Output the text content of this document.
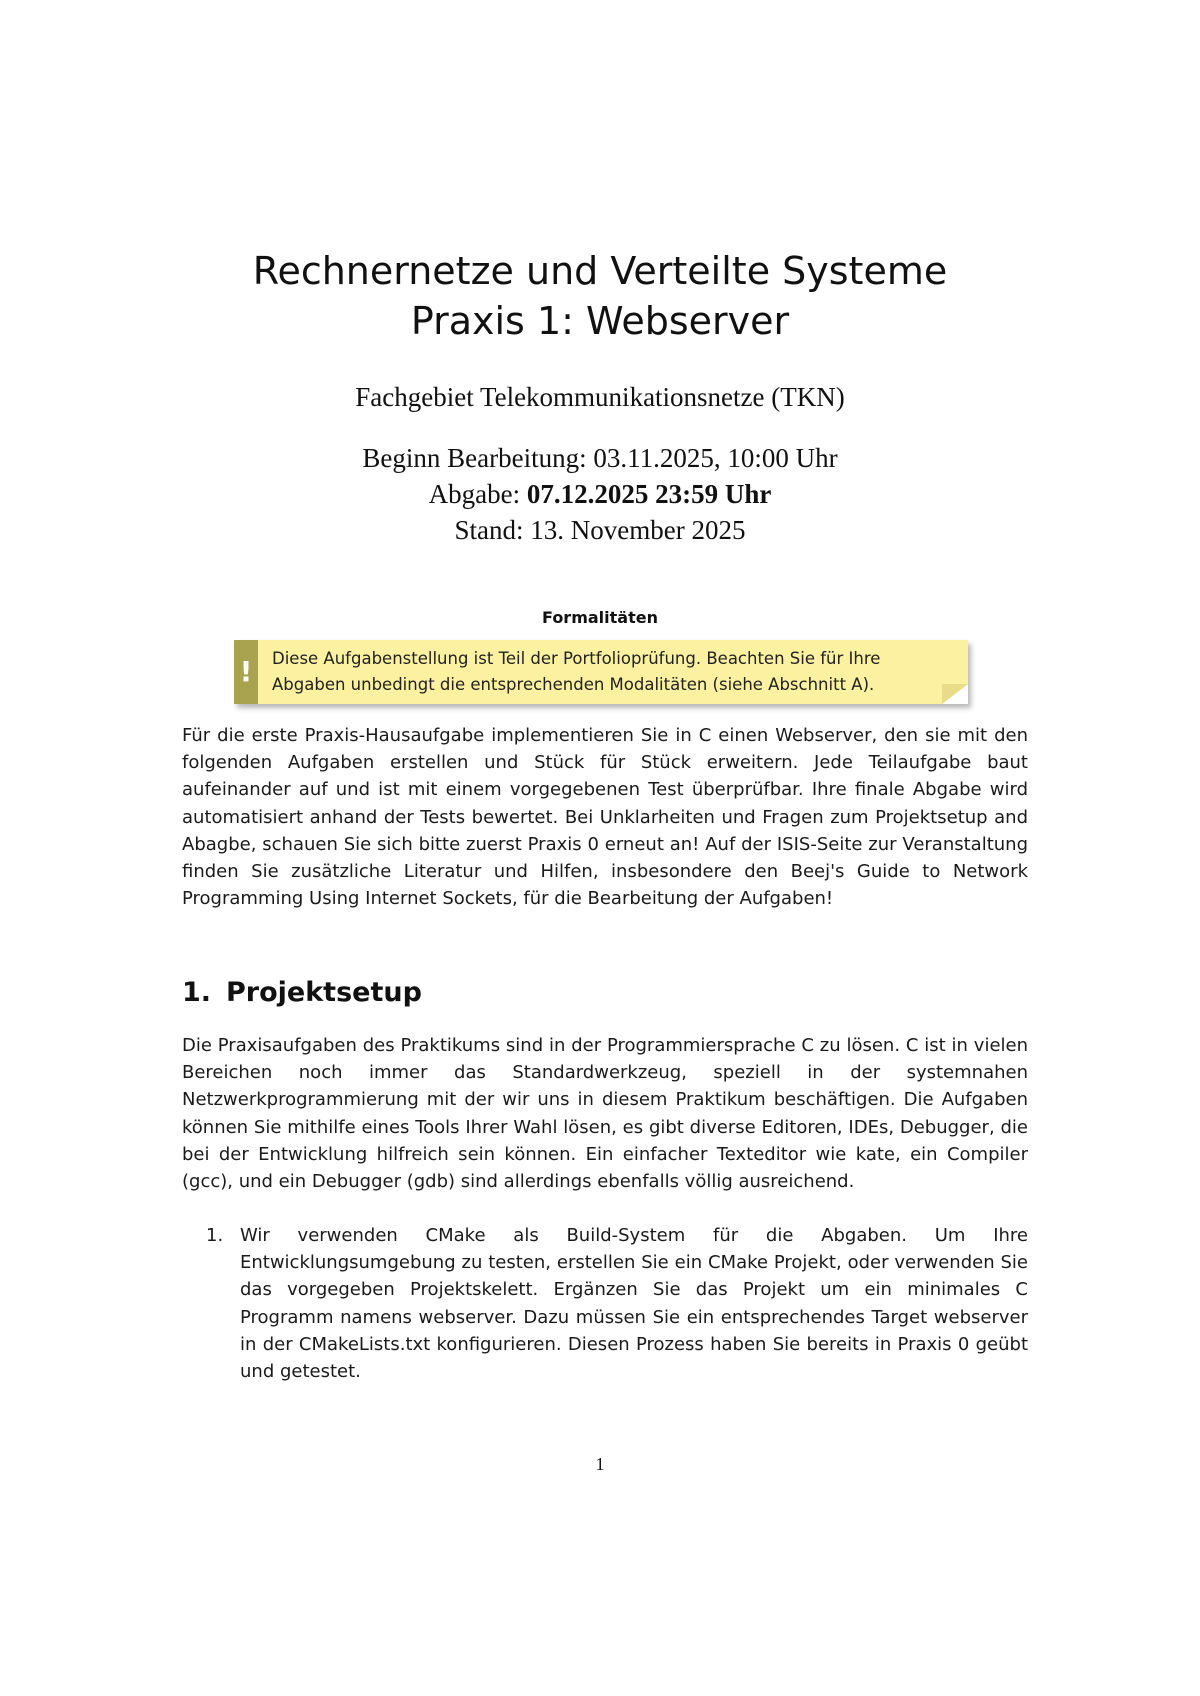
Rechnernetze und Verteilte Systeme
Praxis 1: Webserver
Fachgebiet Telekommunikationsnetze (TKN)
Beginn Bearbeitung: 03.11.2025, 10:00 Uhr
Abgabe: 07.12.2025 23:59 Uhr
Stand: 13. November 2025
Formalitäten
!	Diese Aufgabenstellung ist Teil der Portfolioprüfung. Beachten Sie für Ihre Abgaben unbedingt die entsprechenden Modalitäten (siehe Abschnitt A).

Für die erste Praxis-Hausaufgabe implementieren Sie in C einen Webserver, den sie mit den folgenden Aufgaben erstellen und Stück für Stück erweitern. Jede Teilaufgabe baut aufeinander auf und ist mit einem vorgegebenen Test überprüfbar. Ihre finale Abgabe wird automatisiert anhand der Tests bewertet. Bei Unklarheiten und Fragen zum Projektsetup and Abagbe, schauen Sie sich bitte zuerst Praxis 0 erneut an! Auf der ISIS-Seite zur Veranstaltung finden Sie zusätzliche Literatur und Hilfen, insbesondere den Beej's Guide to Network Programming Using Internet Sockets, für die Bearbeitung der Aufgaben!

1. Projektsetup

Die Praxisaufgaben des Praktikums sind in der Programmiersprache C zu lösen. C ist in vielen Bereichen noch immer das Standardwerkzeug, speziell in der systemnahen Netzwerkprogrammierung mit der wir uns in diesem Praktikum beschäftigen. Die Aufgaben können Sie mithilfe eines Tools Ihrer Wahl lösen, es gibt diverse Editoren, IDEs, Debugger, die bei der Entwicklung hilfreich sein können. Ein einfacher Texteditor wie kate, ein Compiler (gcc), und ein Debugger (gdb) sind allerdings ebenfalls völlig ausreichend.

1. Wir verwenden CMake als Build-System für die Abgaben. Um Ihre Entwicklungsumgebung zu testen, erstellen Sie ein CMake Projekt, oder verwenden Sie das vorgegeben Projektskelett. Ergänzen Sie das Projekt um ein minimales C Programm namens webserver. Dazu müssen Sie ein entsprechendes Target webserver in der CMakeLists.txt konfigurieren. Diesen Prozess haben Sie bereits in Praxis 0 geübt und getestet.
1
